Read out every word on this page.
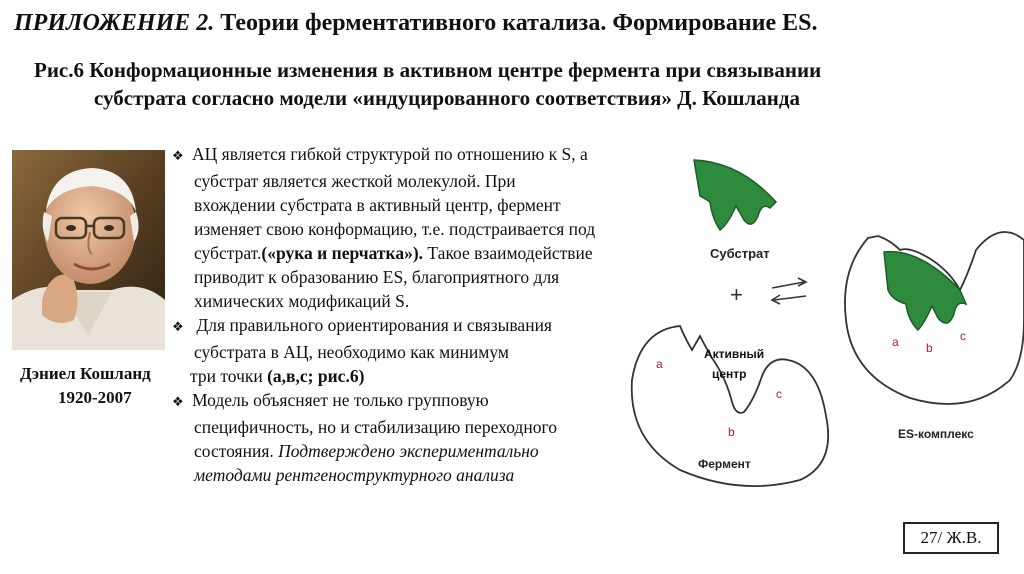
ПРИЛОЖЕНИЕ 2. Теории ферментативного катализа. Формирование ES.
Рис.6 Конформационные изменения в активном центре фермента при связывании
субстрата согласно модели «индуцированного соответствия» Д. Кошланда
Дэниел Кошланд
1920-2007
❖ АЦ является гибкой структурой по отношению к S, а
субстрат является жесткой молекулой. При
вхождении субстрата в активный центр, фермент
изменяет свою конформацию, т.е. подстраивается под
субстрат.(«рука и перчатка»). Такое взаимодействие
приводит к образованию ES, благоприятного для
химических модификаций S.
❖ Для правильного ориентирования и связывания
субстрата в АЦ, необходимо как минимум
три точки (а,в,с; рис.6)
❖ Модель объясняет не только групповую
специфичность, но и стабилизацию переходного
состояния. Подтверждено экспериментально
методами рентгеноструктурного анализа
Субстрат
+
Активный
центр
a
b
c
Фермент
a b
c
ES-комплекс
27/ Ж.В.
